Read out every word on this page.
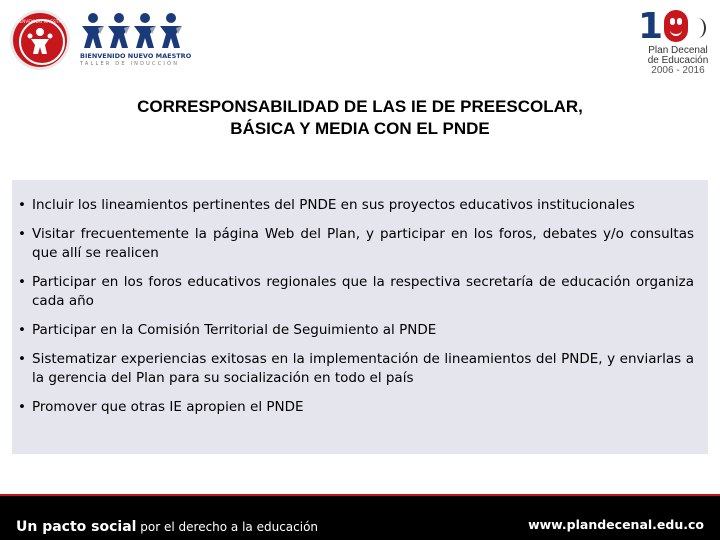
BIENVENIDO MAESTRO
BIENVENIDO NUEVO MAESTRO
TALLER DE INDUCCIÓN
1
Plan Decenal
de Educación
2006 - 2016
CORRESPONSABILIDAD DE LAS IE DE PREESCOLAR,
BÁSICA Y MEDIA CON EL PNDE
• Incluir los lineamientos pertinentes del PNDE en sus proyectos educativos institucionales
• Visitar frecuentemente la página Web del Plan, y participar en los foros, debates y/o consultas que allí se realicen
• Participar en los foros educativos regionales que la respectiva secretaría de educación organiza cada año
• Participar en la Comisión Territorial de Seguimiento al PNDE
• Sistematizar experiencias exitosas en la implementación de lineamientos del PNDE, y enviarlas a la gerencia del Plan para su socialización en todo el país
• Promover que otras IE apropien el PNDE
Un pacto social por el derecho a la educación	www.plandecenal.edu.co
